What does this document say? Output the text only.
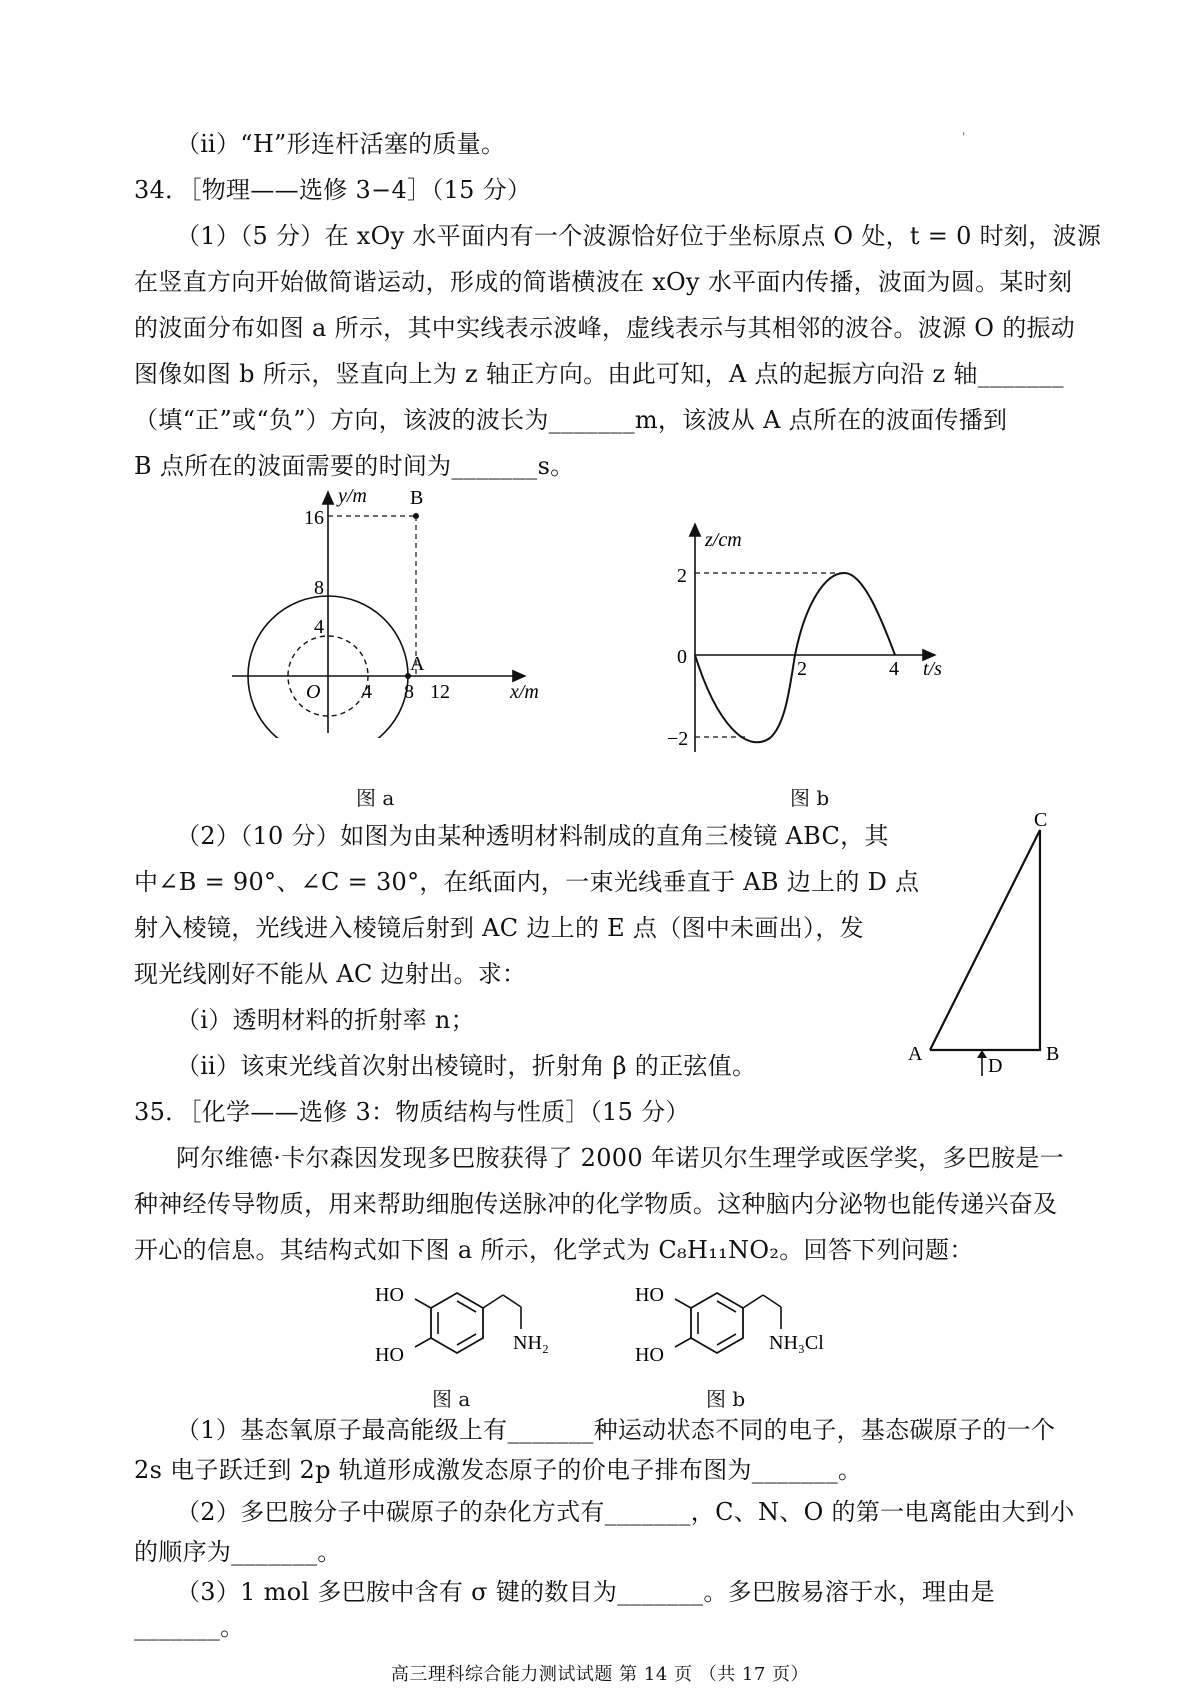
'
（ⅱ）“H”形连杆活塞的质量。
34．［物理——选修 3−4］（15 分）
（1）（5 分）在 xOy 水平面内有一个波源恰好位于坐标原点 O 处，t = 0 时刻，波源
在竖直方向开始做简谐运动，形成的简谐横波在 xOy 水平面内传播，波面为圆。某时刻
的波面分布如图 a 所示，其中实线表示波峰，虚线表示与其相邻的波谷。波源 O 的振动
图像如图 b 所示，竖直向上为 z 轴正方向。由此可知，A 点的起振方向沿 z 轴_______
（填“正”或“负”）方向，该波的波长为_______m，该波从 A 点所在的波面传播到
B 点所在的波面需要的时间为_______s。
y/m
x/m
O
16
8
4
4 8 12
A
B
图 a
z/cm
t/s
2
0
−2
2	4
图 b
（2）（10 分）如图为由某种透明材料制成的直角三棱镜 ABC，其
中∠B = 90°、∠C = 30°，在纸面内，一束光线垂直于 AB 边上的 D 点
射入棱镜，光线进入棱镜后射到 AC 边上的 E 点（图中未画出），发
现光线刚好不能从 AC 边射出。求：
（ⅰ）透明材料的折射率 n；
（ⅱ）该束光线首次射出棱镜时，折射角 β 的正弦值。
35．［化学——选修 3：物质结构与性质］（15 分）
C
A	B
D
阿尔维德·卡尔森因发现多巴胺获得了 2000 年诺贝尔生理学或医学奖，多巴胺是一
种神经传导物质，用来帮助细胞传送脉冲的化学物质。这种脑内分泌物也能传递兴奋及
开心的信息。其结构式如下图 a 所示，化学式为 C₈H₁₁NO₂。回答下列问题：
HO
HO
NH₂
图 a
HO
HO
NH₃Cl
图 b
（1）基态氧原子最高能级上有_______种运动状态不同的电子，基态碳原子的一个
2s 电子跃迁到 2p 轨道形成激发态原子的价电子排布图为_______。
（2）多巴胺分子中碳原子的杂化方式有_______，C、N、O 的第一电离能由大到小
的顺序为_______。
高三理科综合能力测试试题 第 14 页 （共 17 页）
（3）1 mol 多巴胺中含有 σ 键的数目为_______。多巴胺易溶于水，理由是
_______。
